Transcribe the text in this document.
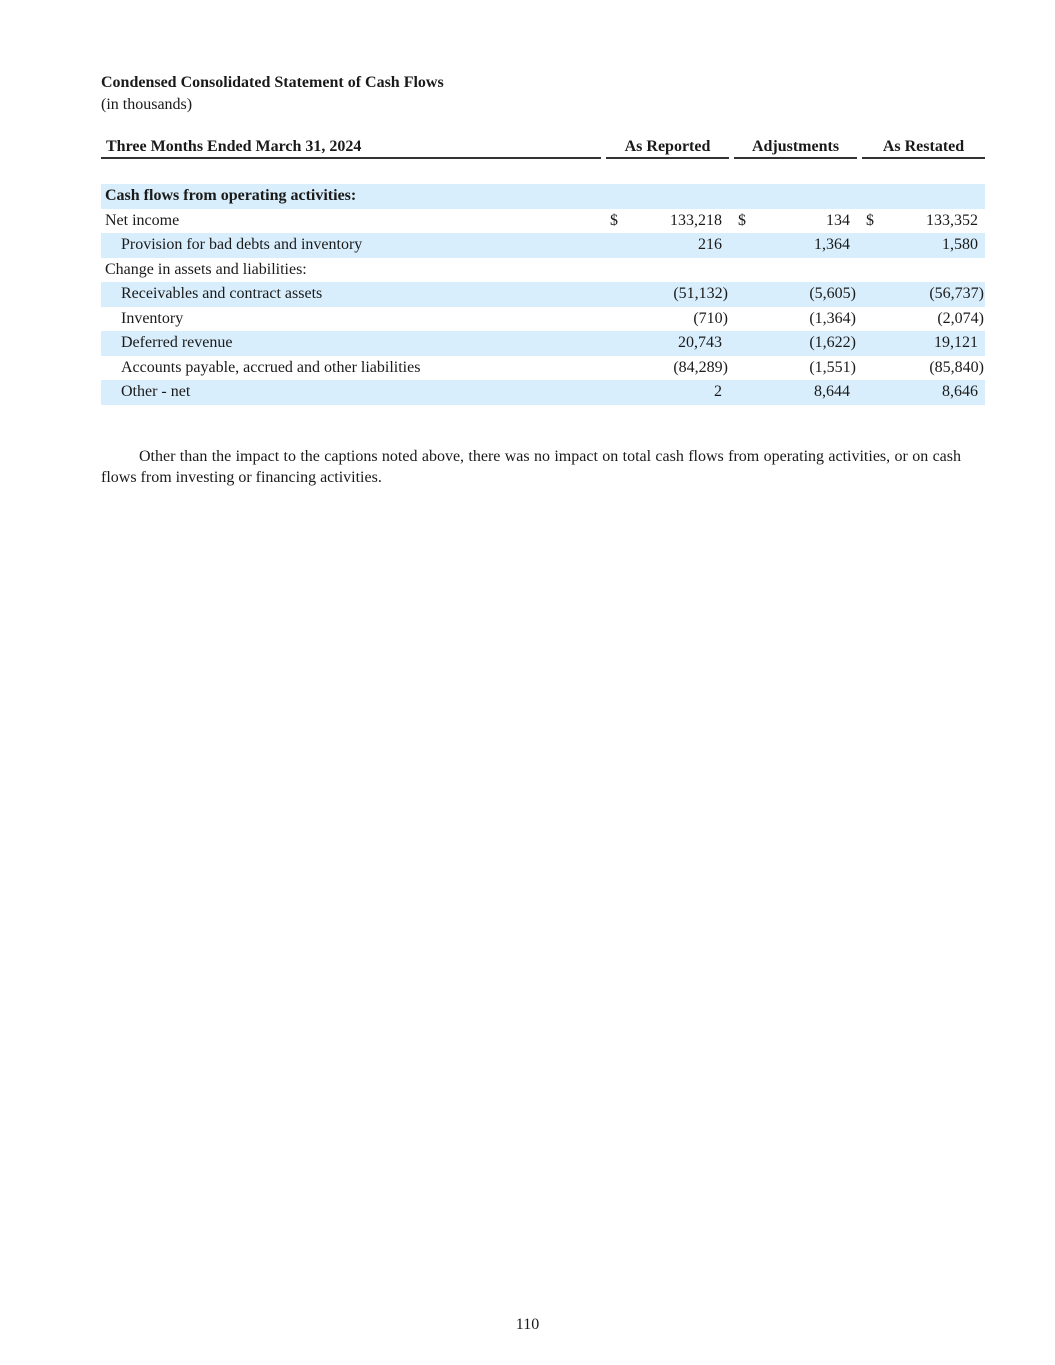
Condensed Consolidated Statement of Cash Flows
(in thousands)
Three Months Ended March 31, 2024	As Reported	Adjustments	As Restated
Cash flows from operating activities:
Net income	$	133,218 $	134 $	133,352
Provision for bad debts and inventory	216	1,364	1,580
Change in assets and liabilities:
Receivables and contract assets	(51,132)	(5,605)	(56,737)
Inventory	(710)	(1,364)	(2,074)
Deferred revenue	20,743	(1,622)	19,121
Accounts payable, accrued and other liabilities	(84,289)	(1,551)	(85,840)
Other - net	2	8,644	8,646

Other than the impact to the captions noted above, there was no impact on total cash flows from operating activities, or on cash flows from investing or financing activities.

110
